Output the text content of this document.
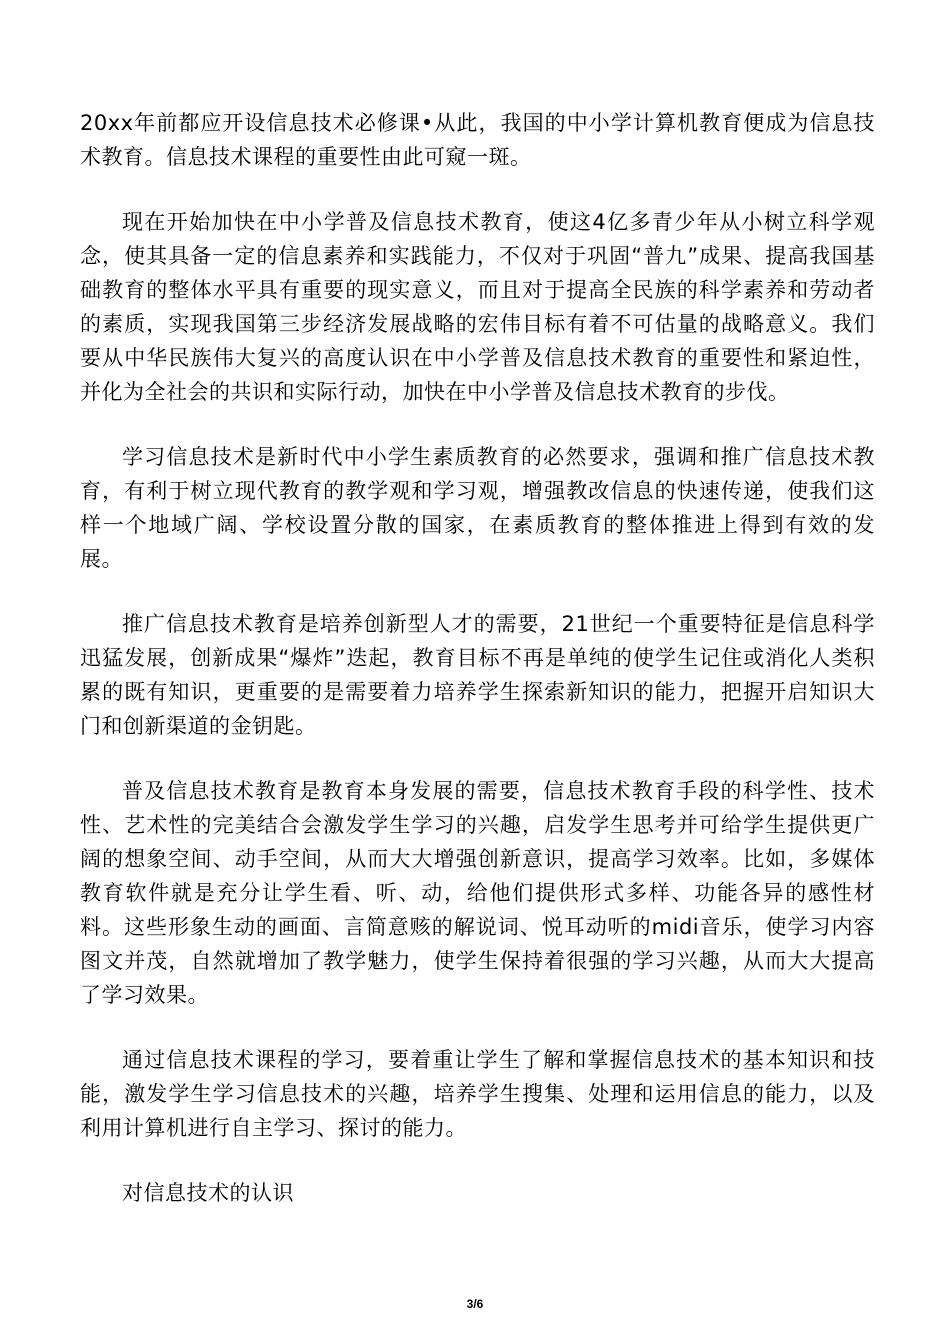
20xx年前都应开设信息技术必修课•从此，我国的中小学计算机教育便成为信息技术教育。信息技术课程的重要性由此可窥一斑。

现在开始加快在中小学普及信息技术教育，使这4亿多青少年从小树立科学观念，使其具备一定的信息素养和实践能力，不仅对于巩固“普九”成果、提高我国基础教育的整体水平具有重要的现实意义，而且对于提高全民族的科学素养和劳动者的素质，实现我国第三步经济发展战略的宏伟目标有着不可估量的战略意义。我们要从中华民族伟大复兴的高度认识在中小学普及信息技术教育的重要性和紧迫性，并化为全社会的共识和实际行动，加快在中小学普及信息技术教育的步伐。

学习信息技术是新时代中小学生素质教育的必然要求，强调和推广信息技术教育，有利于树立现代教育的教学观和学习观，增强教改信息的快速传递，使我们这样一个地域广阔、学校设置分散的国家，在素质教育的整体推进上得到有效的发展。

推广信息技术教育是培养创新型人才的需要，21世纪一个重要特征是信息科学迅猛发展，创新成果“爆炸”迭起，教育目标不再是单纯的使学生记住或消化人类积累的既有知识，更重要的是需要着力培养学生探索新知识的能力，把握开启知识大门和创新渠道的金钥匙。

普及信息技术教育是教育本身发展的需要，信息技术教育手段的科学性、技术性、艺术性的完美结合会激发学生学习的兴趣，启发学生思考并可给学生提供更广阔的想象空间、动手空间，从而大大增强创新意识，提高学习效率。比如，多媒体教育软件就是充分让学生看、听、动，给他们提供形式多样、功能各异的感性材料。这些形象生动的画面、言简意赅的解说词、悦耳动听的midi音乐，使学习内容图文并茂，自然就增加了教学魅力，使学生保持着很强的学习兴趣，从而大大提高了学习效果。

通过信息技术课程的学习，要着重让学生了解和掌握信息技术的基本知识和技能，激发学生学习信息技术的兴趣，培养学生搜集、处理和运用信息的能力，以及利用计算机进行自主学习、探讨的能力。

对信息技术的认识

3/6
